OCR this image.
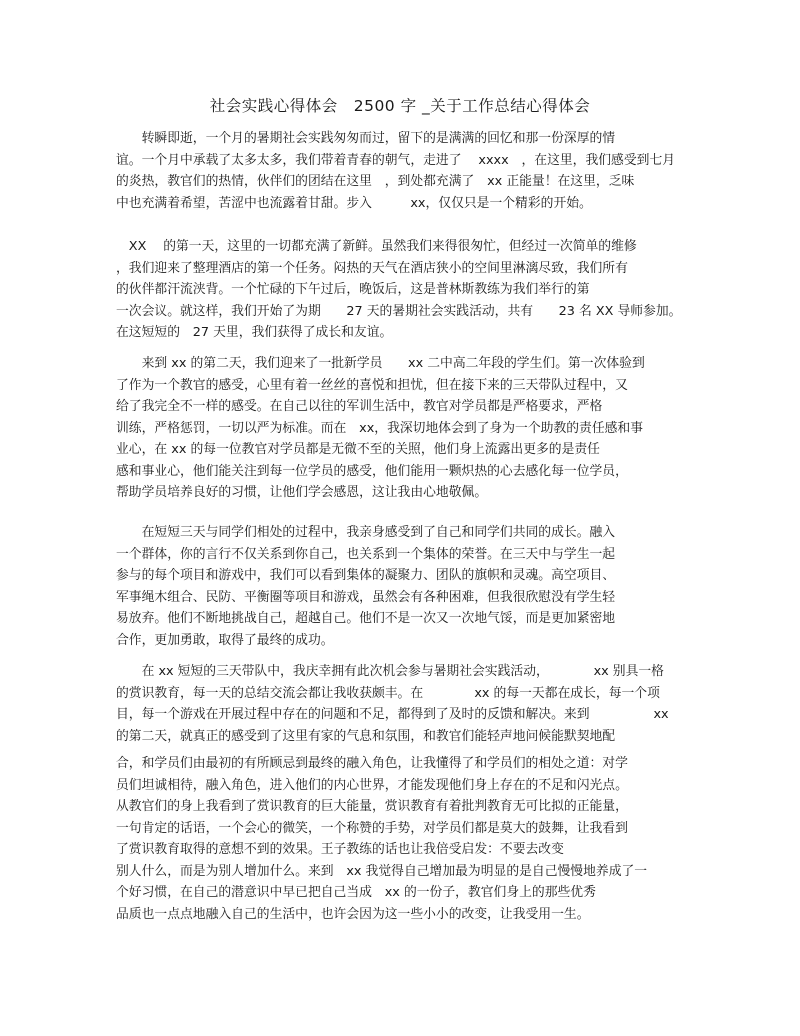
社会实践心得体会　2500 字 _关于工作总结心得体会
　　转瞬即逝，一个月的暑期社会实践匆匆而过，留下的是满满的回忆和那一份深厚的情
谊。一个月中承载了太多太多，我们带着青春的朝气，走进了　 xxxx　，在这里，我们感受到七月
的炎热，教官们的热情，伙伴们的团结在这里　，到处都充满了　xx 正能量！在这里，乏味
中也充满着希望，苦涩中也流露着甘甜。步入　　　xx，仅仅只是一个精彩的开始。
　XX　 的第一天，这里的一切都充满了新鲜。虽然我们来得很匆忙，但经过一次简单的维修
，我们迎来了整理酒店的第一个任务。闷热的天气在酒店狭小的空间里淋漓尽致，我们所有
的伙伴都汗流浃背。一个忙碌的下午过后，晚饭后，这是普林斯教练为我们举行的第
一次会议。就这样，我们开始了为期　　27 天的暑期社会实践活动，共有　　23 名 XX 导师参加。
在这短短的　27 天里，我们获得了成长和友谊。
　　来到 xx 的第二天，我们迎来了一批新学员　　xx 二中高二年段的学生们。第一次体验到
了作为一个教官的感受，心里有着一丝丝的喜悦和担忧，但在接下来的三天带队过程中，又
给了我完全不一样的感受。在自己以往的军训生活中，教官对学员都是严格要求，严格
训练，严格惩罚，一切以严为标准。而在　xx，我深切地体会到了身为一个助教的责任感和事
业心，在 xx 的每一位教官对学员都是无微不至的关照，他们身上流露出更多的是责任
感和事业心，他们能关注到每一位学员的感受，他们能用一颗炽热的心去感化每一位学员，
帮助学员培养良好的习惯，让他们学会感恩，这让我由心地敬佩。
　　在短短三天与同学们相处的过程中，我亲身感受到了自己和同学们共同的成长。融入
一个群体，你的言行不仅关系到你自己，也关系到一个集体的荣誉。在三天中与学生一起
参与的每个项目和游戏中，我们可以看到集体的凝聚力、团队的旗帜和灵魂。高空项目、
军事绳木组合、民防、平衡圈等项目和游戏，虽然会有各种困难，但我很欣慰没有学生轻
易放弃。他们不断地挑战自己，超越自己。他们不是一次又一次地气馁，而是更加紧密地
合作，更加勇敢，取得了最终的成功。
　　在 xx 短短的三天带队中，我庆幸拥有此次机会参与暑期社会实践活动，　　　　xx 别具一格
的赏识教育，每一天的总结交流会都让我收获颇丰。在　　　　xx 的每一天都在成长，每一个项
目，每一个游戏在开展过程中存在的问题和不足，都得到了及时的反馈和解决。来到　　　　　xx
的第二天，就真正的感受到了这里有家的气息和氛围，和教官们能轻声地问候能默契地配
合，和学员们由最初的有所顾忌到最终的融入角色，让我懂得了和学员们的相处之道：对学
员们坦诚相待，融入角色，进入他们的内心世界，才能发现他们身上存在的不足和闪光点。
从教官们的身上我看到了赏识教育的巨大能量，赏识教育有着批判教育无可比拟的正能量，
一句肯定的话语，一个会心的微笑，一个称赞的手势，对学员们都是莫大的鼓舞，让我看到
了赏识教育取得的意想不到的效果。王子教练的话也让我倍受启发：不要去改变
别人什么，而是为别人增加什么。来到　xx 我觉得自己增加最为明显的是自己慢慢地养成了一
个好习惯，在自己的潜意识中早已把自己当成　xx 的一份子，教官们身上的那些优秀
品质也一点点地融入自己的生活中，也许会因为这一些小小的改变，让我受用一生。
